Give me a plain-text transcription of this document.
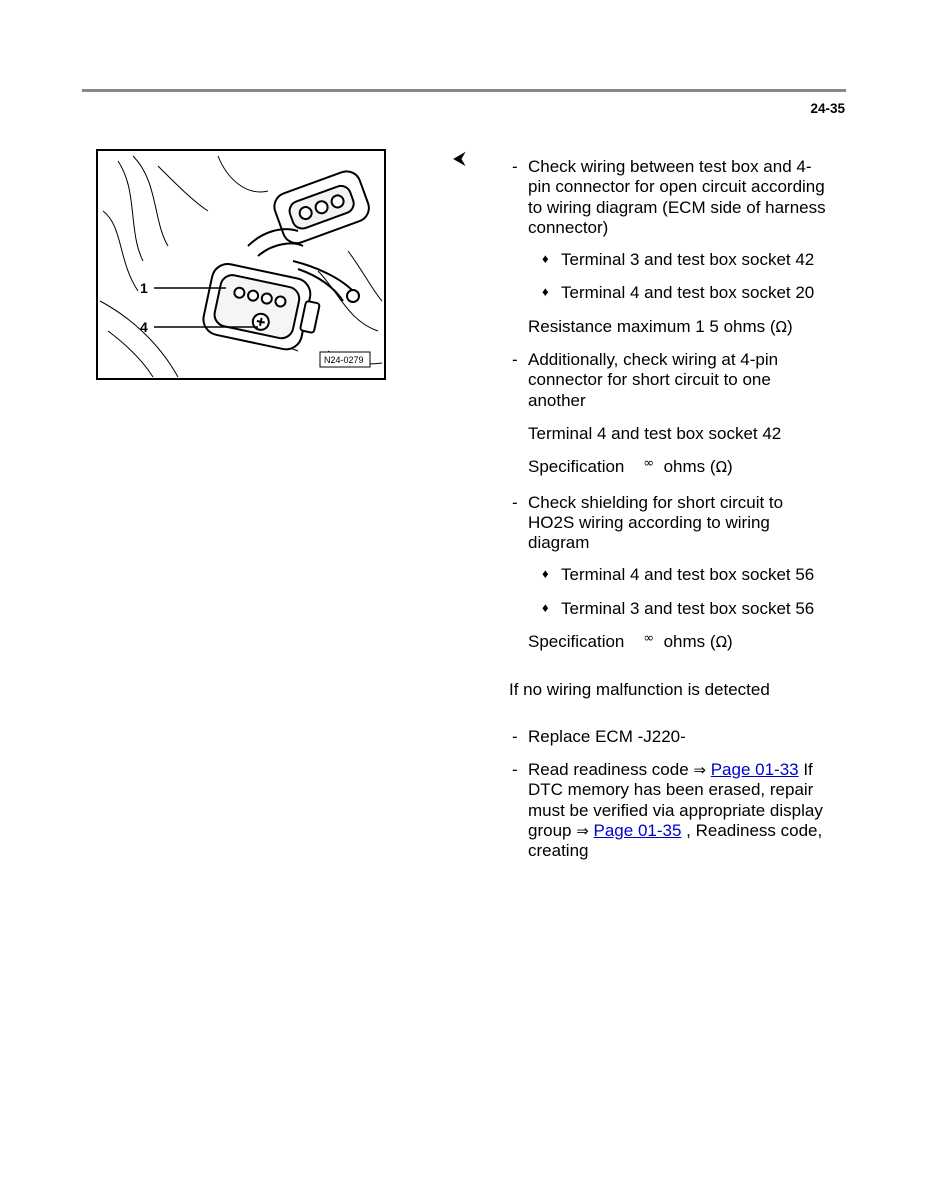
24-35
1
4
N24-0279
⮜	- Check wiring between test box and 4-pin connector for open circuit according to wiring diagram (ECM side of harness connector)
♦ Terminal 3 and test box socket 42
♦ Terminal 4 and test box socket 20
Resistance maximum 1 5 ohms (Ω)
- Additionally, check wiring at 4-pin connector for short circuit to one another
Terminal 4 and test box socket 42
Specification ∞ ohms (Ω)
- Check shielding for short circuit to HO2S wiring according to wiring diagram
♦ Terminal 4 and test box socket 56
♦ Terminal 3 and test box socket 56
Specification ∞ ohms (Ω)
If no wiring malfunction is detected
- Replace ECM -J220-
- Read readiness code ⇒ Page 01-33 If DTC memory has been erased, repair must be verified via appropriate display group ⇒ Page 01-35 , Readiness code, creating
